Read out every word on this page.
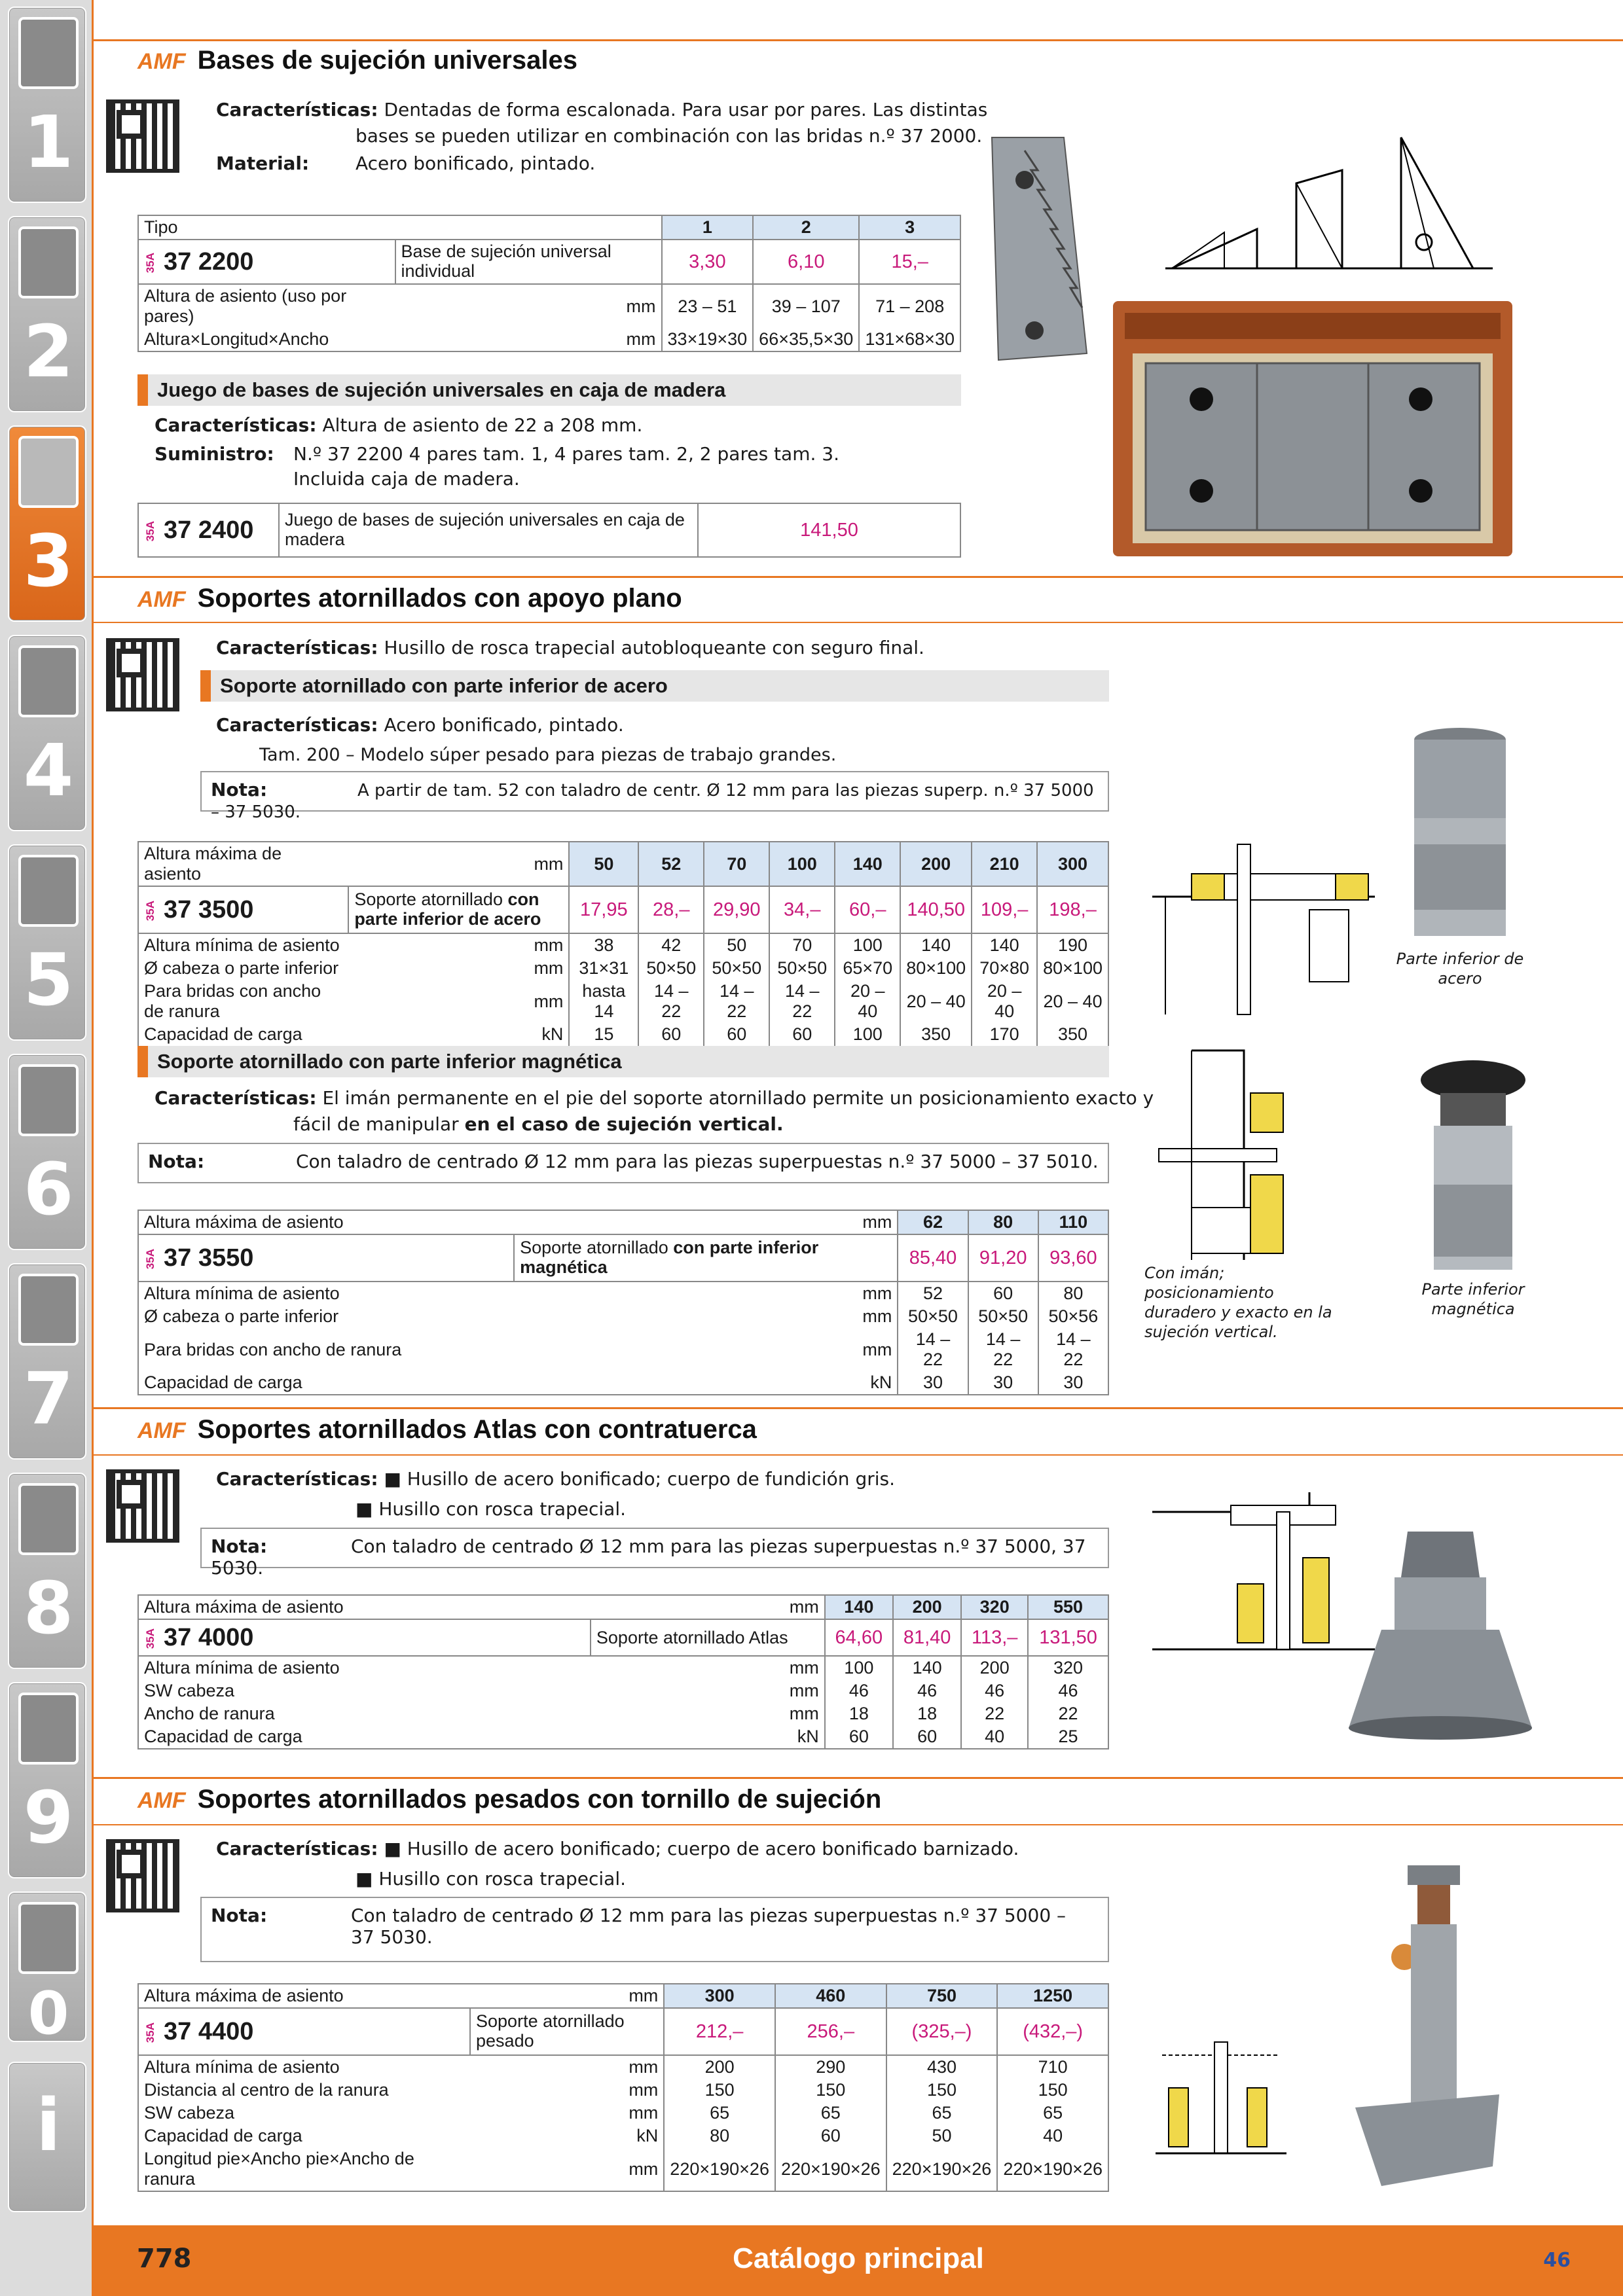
1
2
3
4
5
6
7
8
9
0
i
AMF Bases de sujeción universales
Características: Dentadas de forma escalonada. Para usar por pares. Las distintas
bases se pueden utilizar en combinación con las bridas n.º 37 2000.
Material:	Acero bonificado, pintado.
Tipo		1	2	3
35A 37 2200	Base de sujeción universal individual	3,30	6,10	15,–
Altura de asiento (uso por pares)	mm	23 – 51	39 – 107	71 – 208
Altura×Longitud×Ancho	mm	33×19×30	66×35,5×30	131×68×30
Juego de bases de sujeción universales en caja de madera
Características: Altura de asiento de 22 a 208 mm.
Suministro: N.º 37 2200 4 pares tam. 1, 4 pares tam. 2, 2 pares tam. 3.
Incluida caja de madera.
35A 37 2400	Juego de bases de sujeción universales en caja de madera	141,50
AMF Soportes atornillados con apoyo plano
Características: Husillo de rosca trapecial autobloqueante con seguro final.
Soporte atornillado con parte inferior de acero
Características: Acero bonificado, pintado.
Tam. 200 – Modelo súper pesado para piezas de trabajo grandes.
Nota:	A partir de tam. 52 con taladro de centr. Ø 12 mm para las piezas superp. n.º 37 5000 – 37 5030.
Altura máxima de asiento	mm	50	52	70	100	140	200	210	300
35A 37 3500	Soporte atornillado con parte inferior de acero	17,95	28,–	29,90	34,–	60,–	140,50	109,–	198,–
Altura mínima de asiento	mm	38	42	50	70	100	140	140	190
Ø cabeza o parte inferior	mm	31×31	50×50	50×50	50×50	65×70	80×100	70×80	80×100
Para bridas con ancho de ranura	mm	hasta 14	14 – 22	14 – 22	14 – 22	20 – 40	20 – 40	20 – 40	20 – 40
Capacidad de carga	kN	15	60	60	60	100	350	170	350
Soporte atornillado con parte inferior magnética
Características: El imán permanente en el pie del soporte atornillado permite un posicionamiento exacto y
fácil de manipular en el caso de sujeción vertical.
Nota:	Con taladro de centrado Ø 12 mm para las piezas superpuestas n.º 37 5000 – 37 5010.
Altura máxima de asiento	mm	62	80	110
35A 37 3550	Soporte atornillado con parte inferior magnética	85,40	91,20	93,60
Altura mínima de asiento	mm	52	60	80
Ø cabeza o parte inferior	mm	50×50	50×50	50×56
Para bridas con ancho de ranura	mm	14 – 22	14 – 22	14 – 22
Capacidad de carga	kN	30	30	30
Parte inferior de acero
Con imán; posicionamiento duradero y exacto en la sujeción vertical.
Parte inferior magnética
AMF Soportes atornillados Atlas con contratuerca
Características: ■ Husillo de acero bonificado; cuerpo de fundición gris.
■ Husillo con rosca trapecial.
Nota:	Con taladro de centrado Ø 12 mm para las piezas superpuestas n.º 37 5000, 37 5030.
Altura máxima de asiento	mm	140	200	320	550
35A 37 4000	Soporte atornillado Atlas	64,60	81,40	113,–	131,50
Altura mínima de asiento	mm	100	140	200	320
SW cabeza	mm	46	46	46	46
Ancho de ranura	mm	18	18	22	22
Capacidad de carga	kN	60	60	40	25
AMF Soportes atornillados pesados con tornillo de sujeción
Características: ■ Husillo de acero bonificado; cuerpo de acero bonificado barnizado.
■ Husillo con rosca trapecial.
Nota:	Con taladro de centrado Ø 12 mm para las piezas superpuestas n.º 37 5000 –
37 5030.
Altura máxima de asiento	mm	300	460	750	1250
35A 37 4400	Soporte atornillado pesado	212,–	256,–	(325,–)	(432,–)
Altura mínima de asiento	mm	200	290	430	710
Distancia al centro de la ranura	mm	150	150	150	150
SW cabeza	mm	65	65	65	65
Capacidad de carga	kN	80	60	50	40
Longitud pie×Ancho pie×Ancho de ranura	mm	220×190×26	220×190×26	220×190×26	220×190×26
778	Catálogo principal	46
